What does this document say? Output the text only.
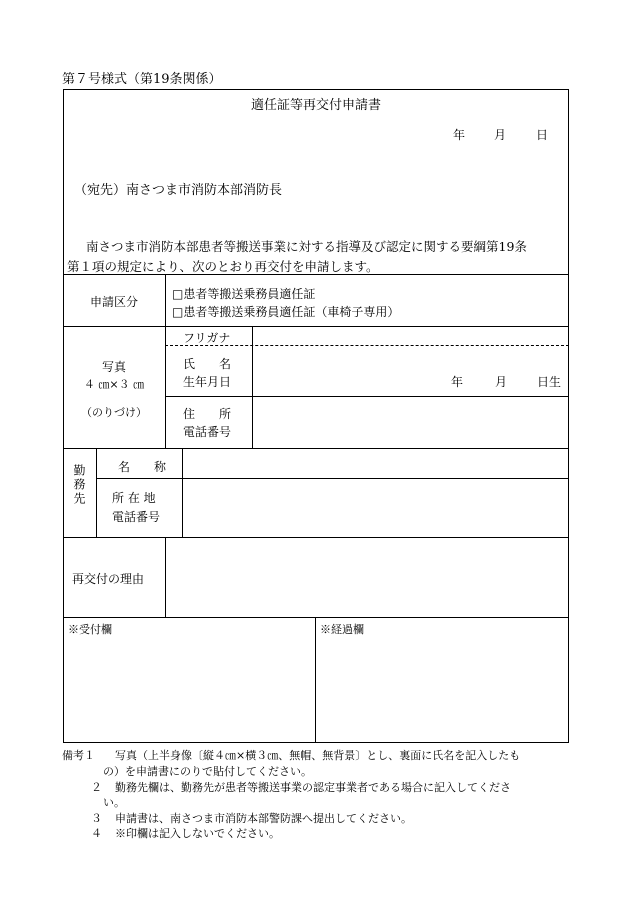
第７号様式（第19条関係）
適任証等再交付申請書
年 月 日
（宛先）南さつま市消防本部消防長
南さつま市消防本部患者等搬送事業に対する指導及び認定に関する要綱第19条
第１項の規定により、次のとおり再交付を申請します。
申請区分
□患者等搬送乗務員適任証
□患者等搬送乗務員適任証（車椅子専用）
写真
４ ㎝×３ ㎝
（のりづけ）
フリガナ
氏　　名
生年月日	年	月 日生
住　　所
電話番号
勤務先	名　　称
所 在 地
電話番号
再交付の理由
※受付欄	※経過欄
備考１ 写真（上半身像〔縦４㎝×横３㎝、無帽、無背景〕とし、裏面に氏名を記入したも
の）を申請書にのりで貼付してください。
２ 勤務先欄は、勤務先が患者等搬送事業の認定事業者である場合に記入してくださ
い。
３ 申請書は、南さつま市消防本部警防課へ提出してください。
４ ※印欄は記入しないでください。
